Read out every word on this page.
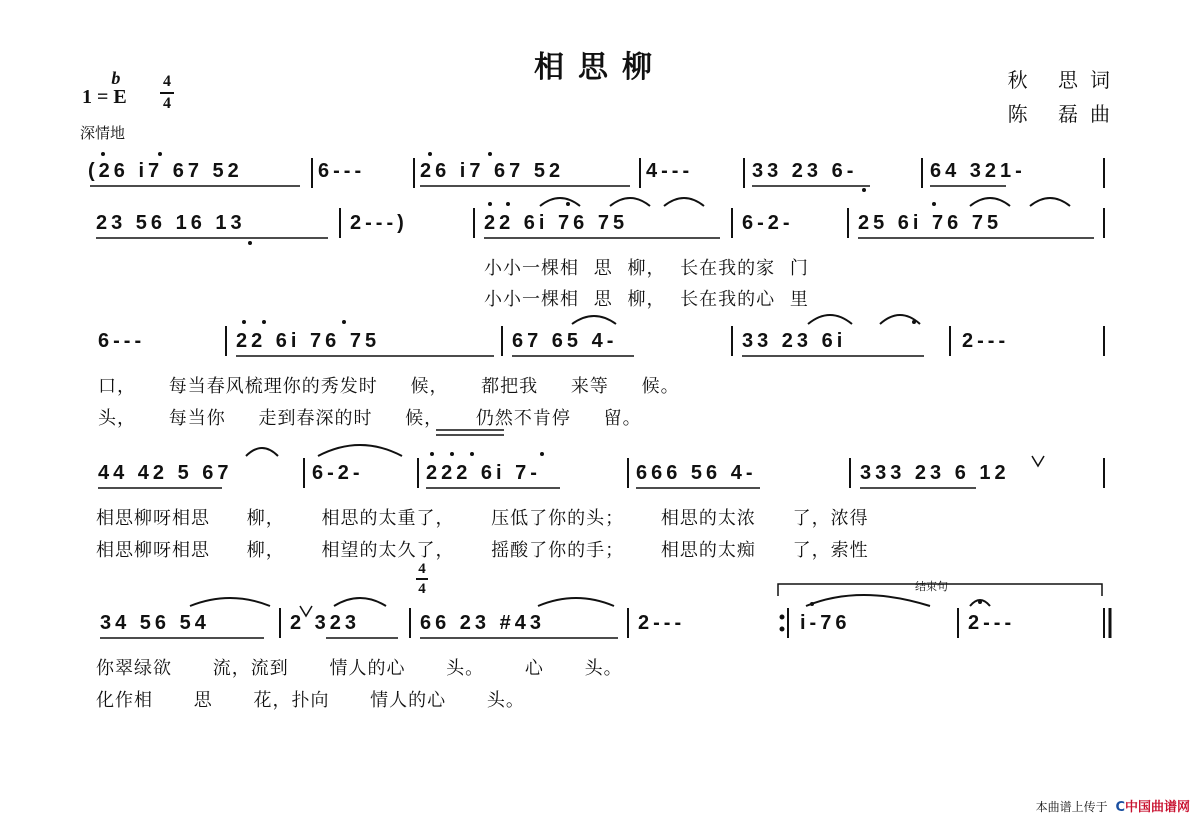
相思柳	秋 思词
陈 磊曲
1 =
b
E
4
4
深情地
(26 i7 67 52	6---	26 i7 67 52	4---	33 23 6-	64 321-
23 56 16 13	2---)	22 6i 76 75	6-2-	25 6i 76 75
小小一棵相 思 柳， 长在我的家 门
小小一棵相 思 柳， 长在我的心 里
6---	22 6i 76 75	67 65 4-	33 23 6i	2---
口， 每当春风梳理你的秀发时 候， 都把我 来等 候。
头， 每当你 走到春深的时 候， 仍然不肯停 留。
44 42 5 67	6-2-	222 6i 7-	666 56 4-	333 23 6 12
相思柳呀相思 柳， 相思的太重了， 压低了你的头； 相思的太浓 了，浓得
相思柳呀相思 柳， 相望的太久了， 摇酸了你的手； 相思的太痴 了，索性
4
4
34 56 54	2 323	66 23 #43	2---	i-76	2---
结束句
你翠绿欲 流，流到 情人的心 头。 心 头。
化作相 思 花，扑向 情人的心 头。
本曲谱上传于 C中国曲谱网
